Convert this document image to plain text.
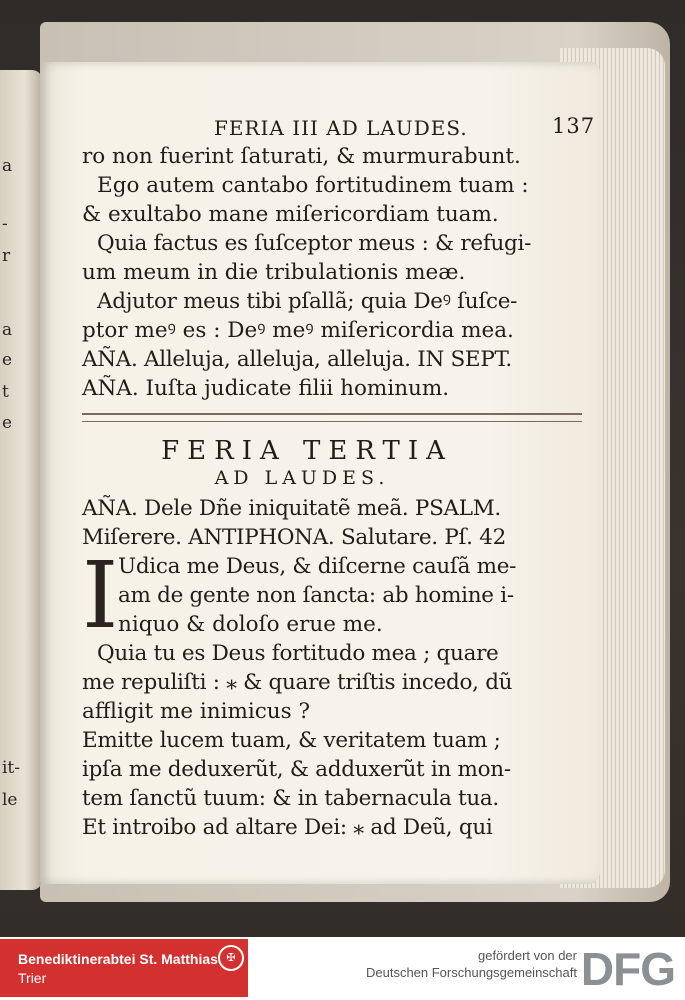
a
-
r
a
e
t
e
it-
le
FERIA III AD LAUDES.	137
ro non fuerint ſaturati, & murmurabunt.
Ego autem cantabo fortitudinem tuam :
& exultabo mane miſericordiam tuam.
Quia factus es ſuſceptor meus : & refugi-
um meum in die tribulationis meæ.
Adjutor meus tibi pſallã; quia Deꝰ ſuſce-
ptor meꝰ es : Deꝰ meꝰ miſericordia mea.
AÑA. Alleluja, alleluja, alleluja. IN SEPT.
AÑA. Iuſta judicate filii hominum.
FERIA TERTIA
AD LAUDES.
AÑA. Dele Dñe iniquitatẽ meã. PSALM.
Miſerere. ANTIPHONA. Salutare. Pſ. 42
I Udica me Deus, & diſcerne cauſã me-
am de gente non ſancta: ab homine i-
niquo & doloſo erue me.
Quia tu es Deus fortitudo mea ; quare
me repuliſti : ⁎ & quare triſtis incedo, dũ
affligit me inimicus ?
Emitte lucem tuam, & veritatem tuam ;
ipſa me deduxerũt, & adduxerũt in mon-
tem ſanctũ tuum: & in tabernacula tua.
Et introibo ad altare Dei: ⁎ ad Deũ, qui
Benediktinerabtei St. Matthias
Trier
✠	gefördert von der
Deutschen Forschungsgemeinschaft DFG
